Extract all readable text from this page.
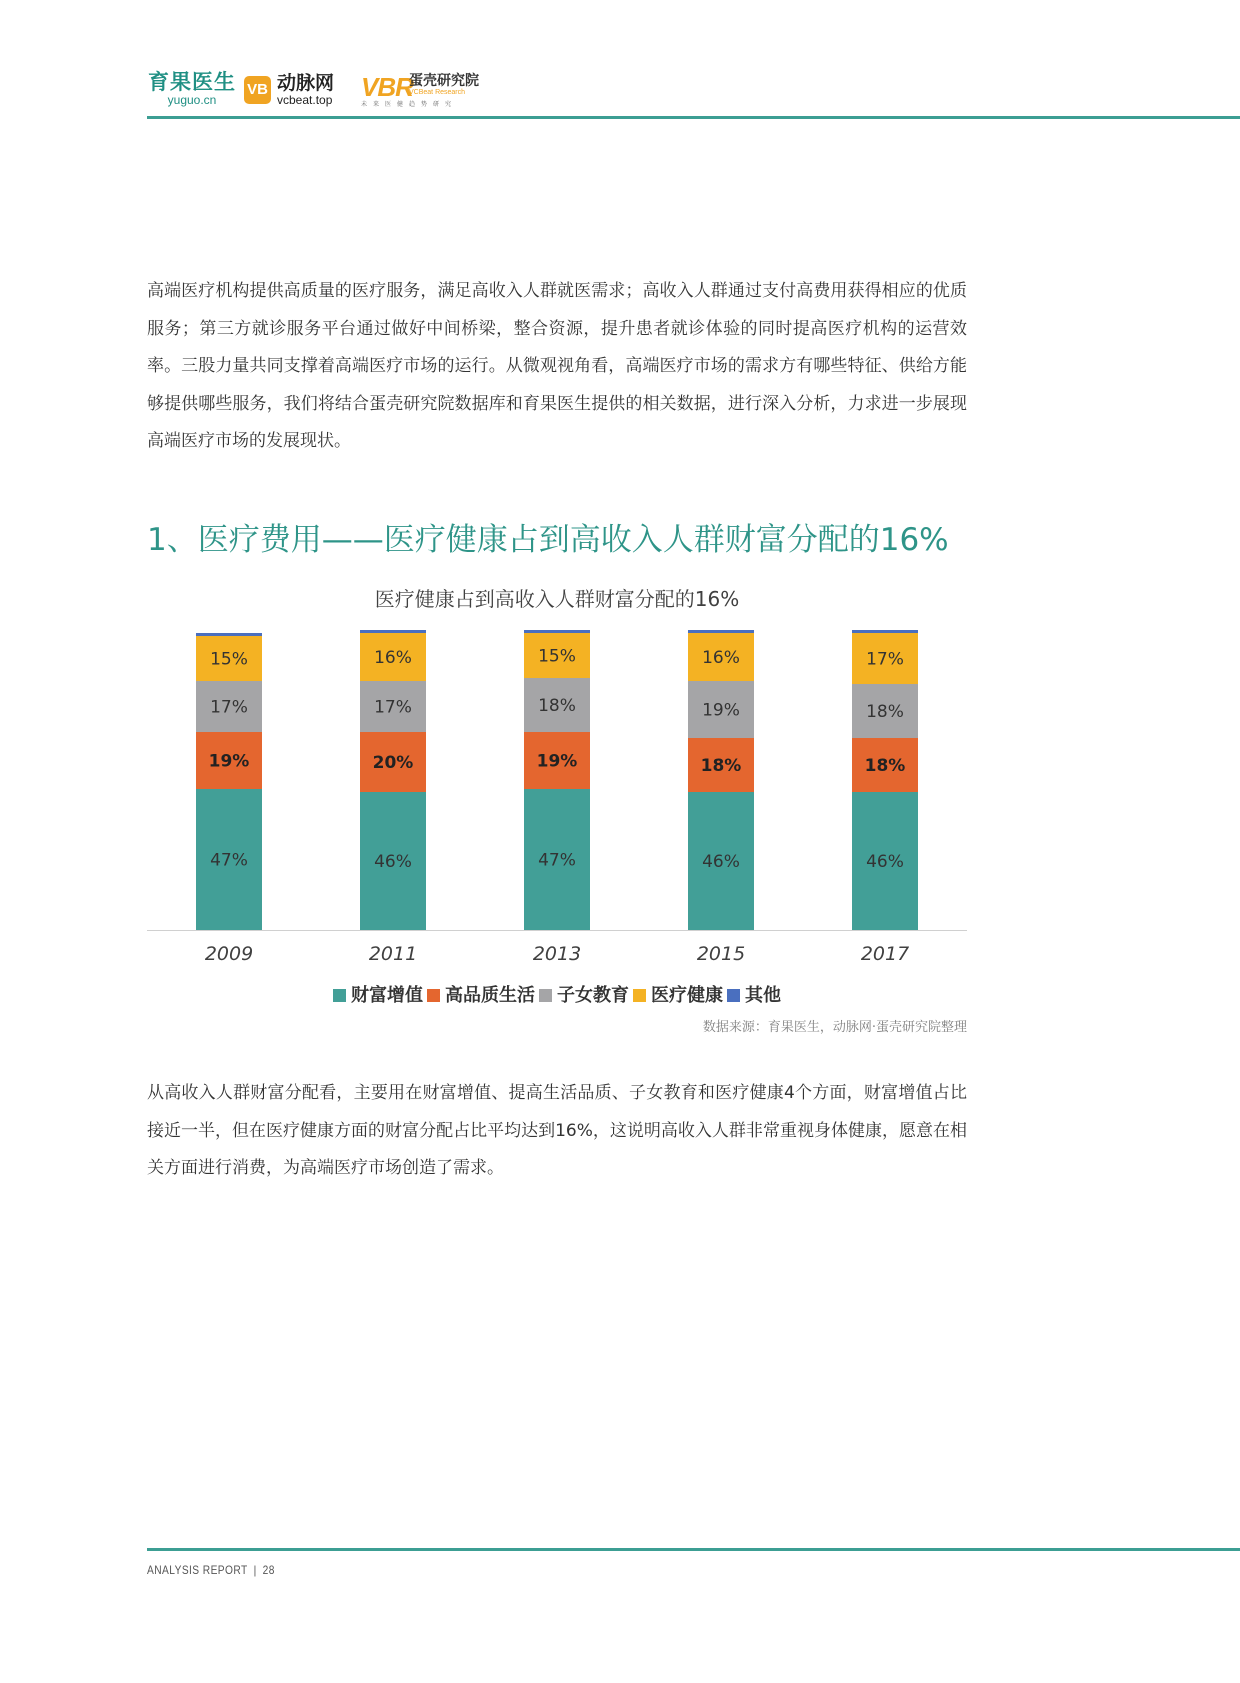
育果医生
yuguo.cn
VB 动脉网
vcbeat.top VBR
蛋壳研究院
VCBeat Research
未来医健趋势研究

高端医疗机构提供高质量的医疗服务，满足高收入人群就医需求；高收入人群通过支付高费用获得相应的优质服务；第三方就诊服务平台通过做好中间桥梁，整合资源，提升患者就诊体验的同时提高医疗机构的运营效率。三股力量共同支撑着高端医疗市场的运行。从微观视角看，高端医疗市场的需求方有哪些特征、供给方能够提供哪些服务，我们将结合蛋壳研究院数据库和育果医生提供的相关数据，进行深入分析，力求进一步展现高端医疗市场的发展现状。

1、医疗费用——医疗健康占到高收入人群财富分配的16%
医疗健康占到高收入人群财富分配的16%
47%
19%
17%
15%
2009
46%
20%
17%
16%
2011
47%
19%
18%
15%
2013
46%
18%
19%
16%
2015
46%
18%
18%
17%
2017
财富增值 高品质生活 子女教育 医疗健康 其他
数据来源：育果医生，动脉网·蛋壳研究院整理

从高收入人群财富分配看，主要用在财富增值、提高生活品质、子女教育和医疗健康4个方面，财富增值占比接近一半，但在医疗健康方面的财富分配占比平均达到16%，这说明高收入人群非常重视身体健康，愿意在相关方面进行消费，为高端医疗市场创造了需求。

ANALYSIS REPORT | 28
